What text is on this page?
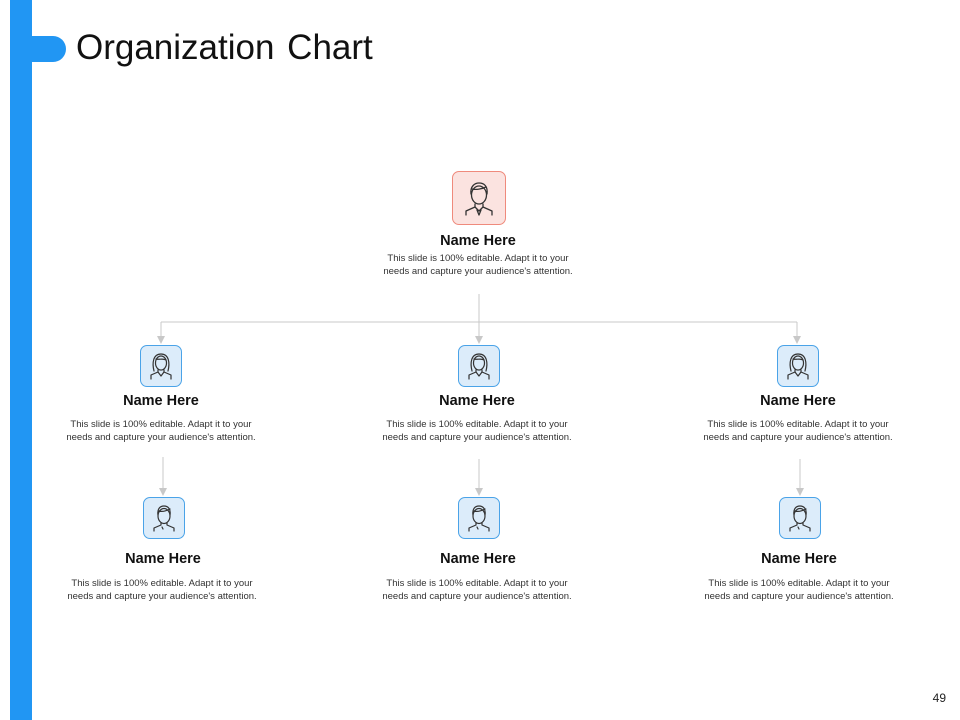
Organization Chart
Name Here
This slide is 100% editable. Adapt it to your needs and capture your audience's attention.
Name Here
This slide is 100% editable. Adapt it to your needs and capture your audience's attention.
Name Here
This slide is 100% editable. Adapt it to your needs and capture your audience's attention.
Name Here
This slide is 100% editable. Adapt it to your needs and capture your audience's attention.
Name Here
This slide is 100% editable. Adapt it to your needs and capture your audience's attention.
Name Here
This slide is 100% editable. Adapt it to your needs and capture your audience's attention.
Name Here
This slide is 100% editable. Adapt it to your needs and capture your audience's attention.
49
